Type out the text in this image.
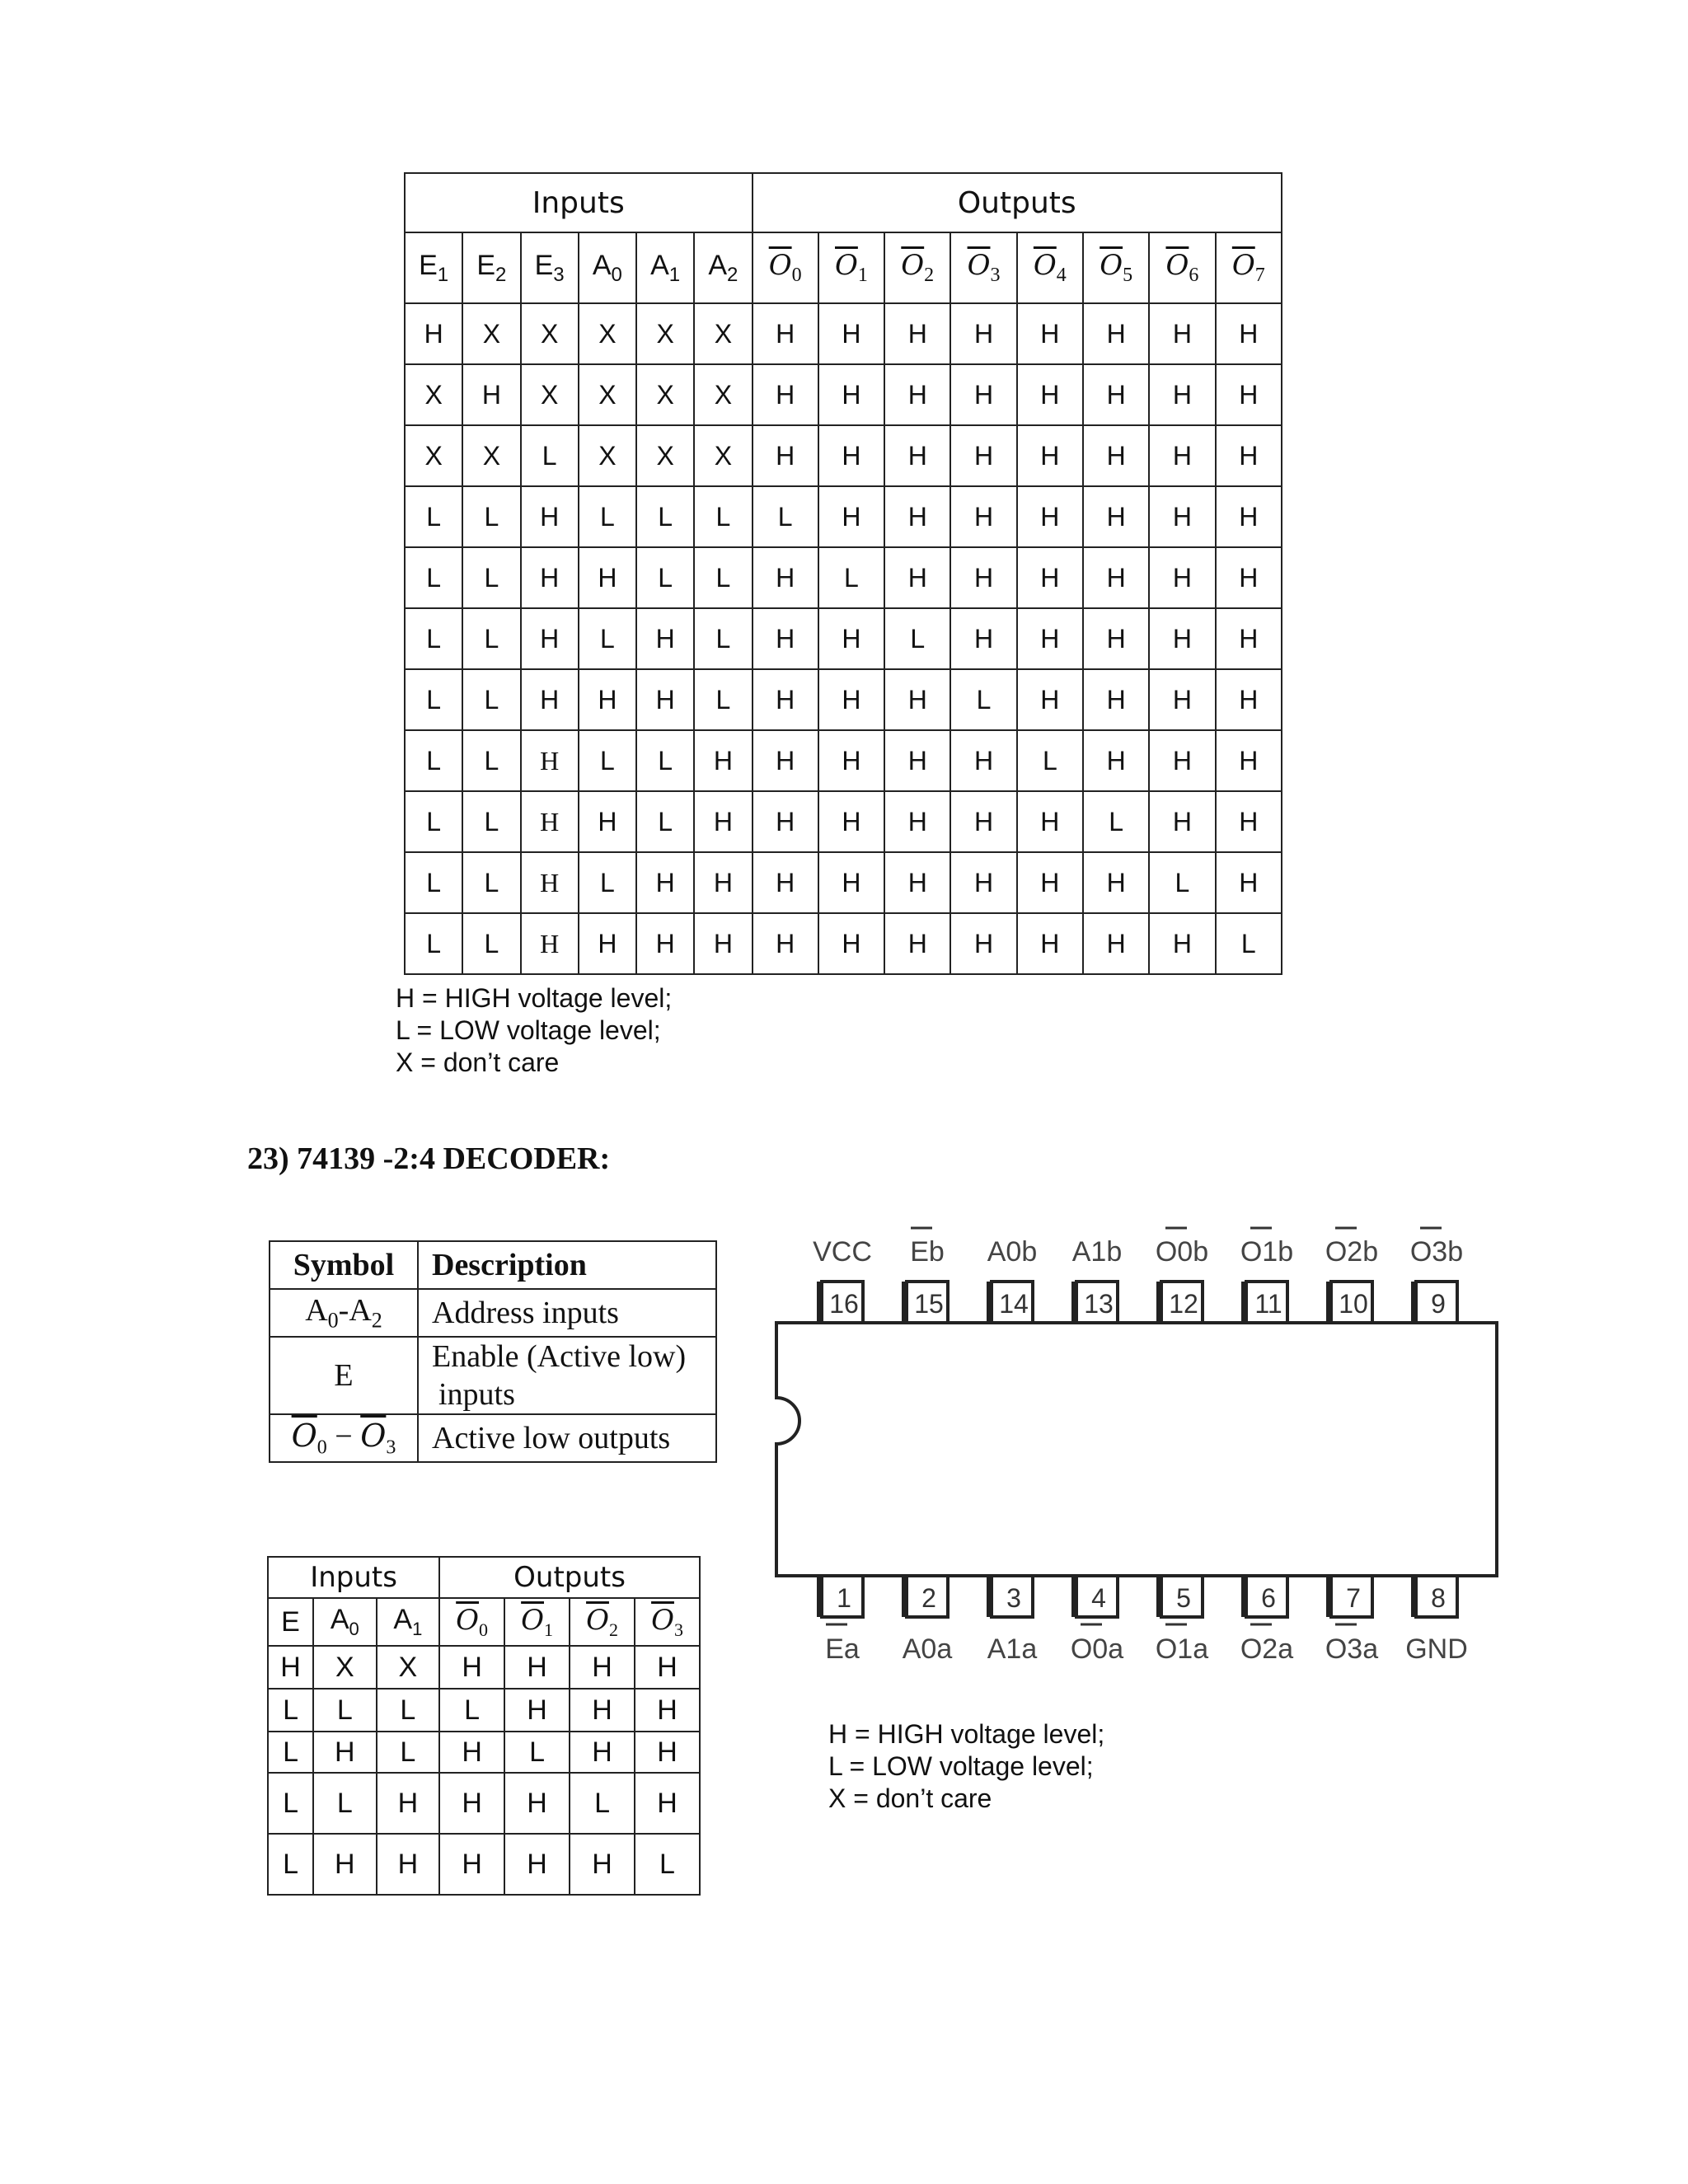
Inputs						Outputs							
$E_1$	$E_2$	$E_3$	$A_0$	$A_1$	$A_2$	$\overline{O}_0$	$\overline{O}_1$	$\overline{O}_2$	$\overline{O}_3$	$\overline{O}_4$	$\overline{O}_5$	$\overline{O}_6$	$\overline{O}_7$
H	X	X	X	X	X	H	H	H	H	H	H	H	H
X	H	X	X	X	X	H	H	H	H	H	H	H	H
X	X	L	X	X	X	H	H	H	H	H	H	H	H
L	L	H	L	L	L	L	H	H	H	H	H	H	H
L	L	H	H	L	L	H	L	H	H	H	H	H	H
L	L	H	L	H	L	H	H	L	H	H	H	H	H
L	L	H	H	H	L	H	H	H	L	H	H	H	H
L	L	H	L	L	H	H	H	H	H	L	H	H	H
L	L	H	H	L	H	H	H	H	H	H	L	H	H
L	L	H	L	H	H	H	H	H	H	H	H	L	H
L	L	H	H	H	H	H	H	H	H	H	H	H	L
H = HIGH voltage level;
L = LOW voltage level;
X = don’t care
23) 74139 -2:4 DECODER:
Symbol	Description
$A_0-A_2$	Address inputs
E	Enable (Active low)
inputs

$\overline{O}_0 - \overline{O}_3$	Active low outputs
Inputs			Outputs			
E	$A_0$	$A_1$	$\overline{O}_0$	$\overline{O}_1$	$\overline{O}_2$	$\overline{O}_3$
H	X	X	H	H	H	H
L	L	L	L	H	H	H
L	H	L	H	L	H	H
L	L	H	H	H	L	H
L	H	H	H	H	H	L
16
VCC
15
Eb
14
A0b
13
A1b
12
O0b
11
O1b
10
O2b
9
O3b
1
Ea
2
A0a
3
A1a
4
O0a
5
O1a
6
O2a
7
O3a
8
GND
H = HIGH voltage level;
L = LOW voltage level;
X = don’t care
